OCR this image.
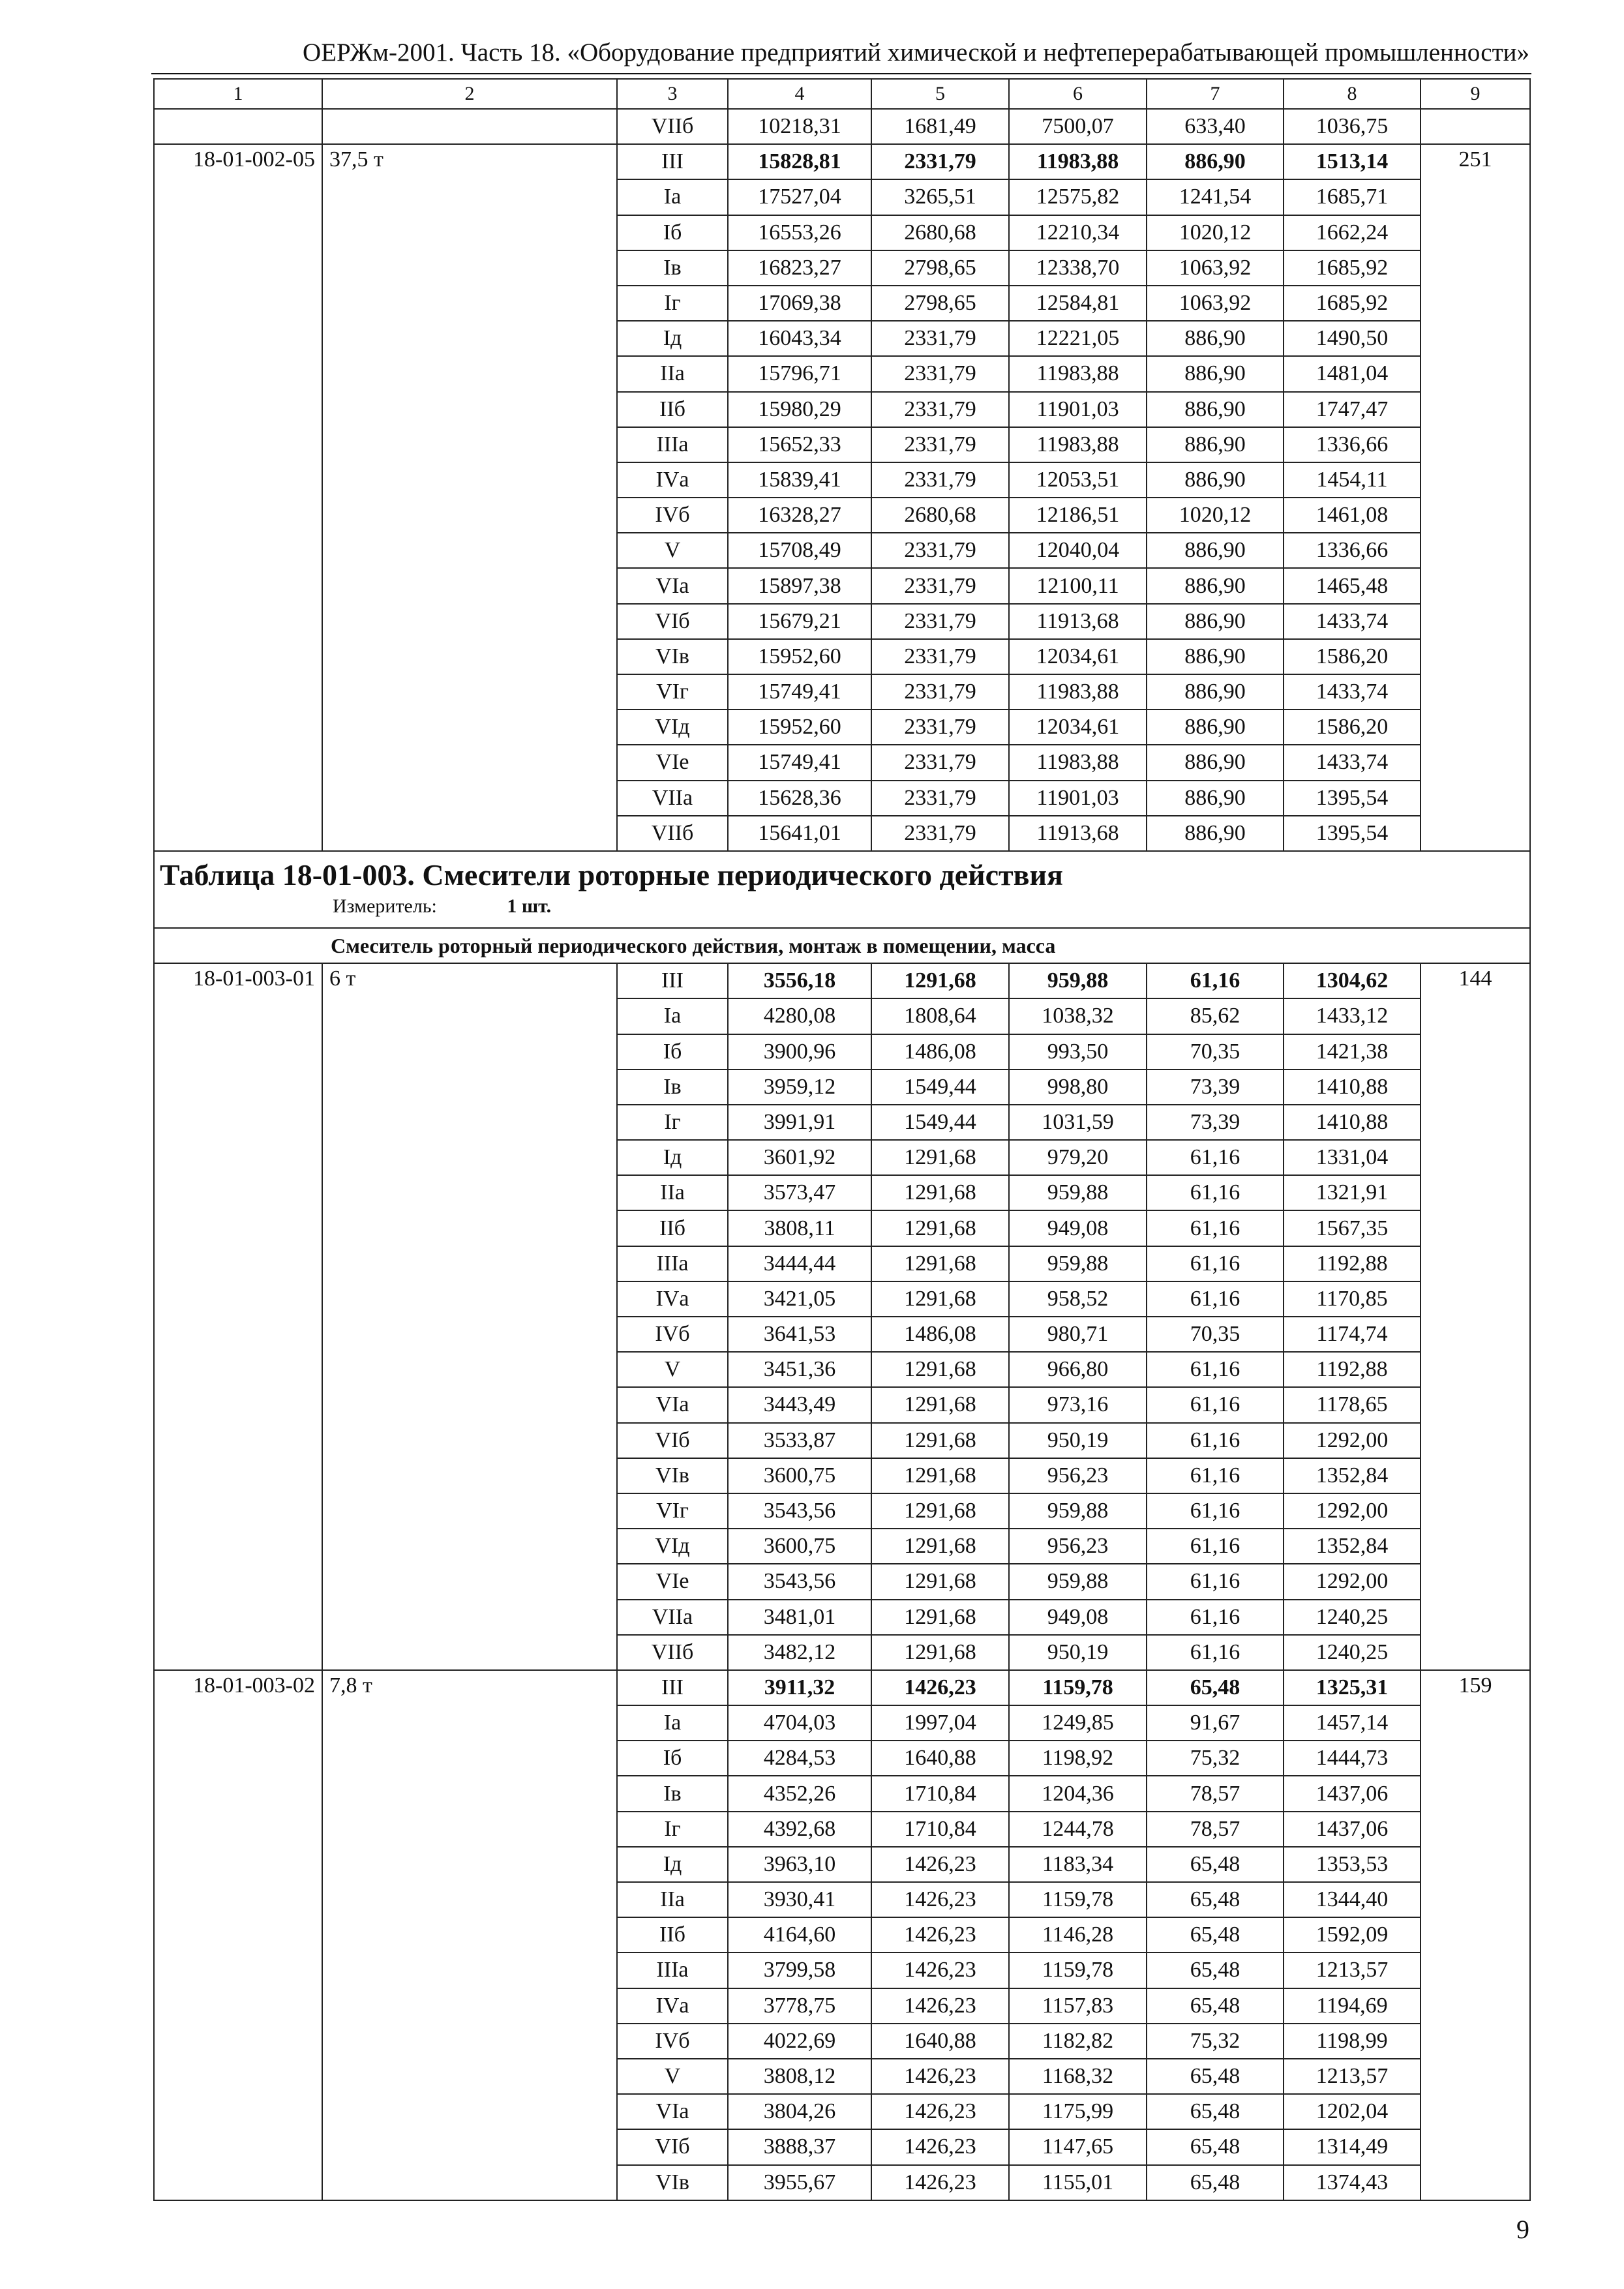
ОЕРЖм-2001. Часть 18. «Оборудование предприятий химической и нефтеперерабатывающей промышленности»
1	2	3	4	5	6	7	8	9
		VIIб	10218,31	1681,49	7500,07	633,40	1036,75	
18-01-002-05	37,5 т	III	15828,81	2331,79	11983,88	886,90	1513,14	251
		Iа	17527,04	3265,51	12575,82	1241,54	1685,71	
		Iб	16553,26	2680,68	12210,34	1020,12	1662,24	
		Iв	16823,27	2798,65	12338,70	1063,92	1685,92	
		Iг	17069,38	2798,65	12584,81	1063,92	1685,92	
		Iд	16043,34	2331,79	12221,05	886,90	1490,50	
		IIа	15796,71	2331,79	11983,88	886,90	1481,04	
		IIб	15980,29	2331,79	11901,03	886,90	1747,47	
		IIIа	15652,33	2331,79	11983,88	886,90	1336,66	
		IVа	15839,41	2331,79	12053,51	886,90	1454,11	
		IVб	16328,27	2680,68	12186,51	1020,12	1461,08	
		V	15708,49	2331,79	12040,04	886,90	1336,66	
		VIа	15897,38	2331,79	12100,11	886,90	1465,48	
		VIб	15679,21	2331,79	11913,68	886,90	1433,74	
		VIв	15952,60	2331,79	12034,61	886,90	1586,20	
		VIг	15749,41	2331,79	11983,88	886,90	1433,74	
		VIд	15952,60	2331,79	12034,61	886,90	1586,20	
		VIе	15749,41	2331,79	11983,88	886,90	1433,74	
		VIIа	15628,36	2331,79	11901,03	886,90	1395,54	
		VIIб	15641,01	2331,79	11913,68	886,90	1395,54	

Таблица 18-01-003. Смесители роторные периодического действия
Измеритель: 1 шт.								

Смеситель роторный периодического действия, монтаж в помещении, масса								
18-01-003-01	6 т	III	3556,18	1291,68	959,88	61,16	1304,62	144
		Iа	4280,08	1808,64	1038,32	85,62	1433,12	
		Iб	3900,96	1486,08	993,50	70,35	1421,38	
		Iв	3959,12	1549,44	998,80	73,39	1410,88	
		Iг	3991,91	1549,44	1031,59	73,39	1410,88	
		Iд	3601,92	1291,68	979,20	61,16	1331,04	
		IIа	3573,47	1291,68	959,88	61,16	1321,91	
		IIб	3808,11	1291,68	949,08	61,16	1567,35	
		IIIа	3444,44	1291,68	959,88	61,16	1192,88	
		IVа	3421,05	1291,68	958,52	61,16	1170,85	
		IVб	3641,53	1486,08	980,71	70,35	1174,74	
		V	3451,36	1291,68	966,80	61,16	1192,88	
		VIа	3443,49	1291,68	973,16	61,16	1178,65	
		VIб	3533,87	1291,68	950,19	61,16	1292,00	
		VIв	3600,75	1291,68	956,23	61,16	1352,84	
		VIг	3543,56	1291,68	959,88	61,16	1292,00	
		VIд	3600,75	1291,68	956,23	61,16	1352,84	
		VIе	3543,56	1291,68	959,88	61,16	1292,00	
		VIIа	3481,01	1291,68	949,08	61,16	1240,25	
		VIIб	3482,12	1291,68	950,19	61,16	1240,25	
18-01-003-02	7,8 т	III	3911,32	1426,23	1159,78	65,48	1325,31	159
		Iа	4704,03	1997,04	1249,85	91,67	1457,14	
		Iб	4284,53	1640,88	1198,92	75,32	1444,73	
		Iв	4352,26	1710,84	1204,36	78,57	1437,06	
		Iг	4392,68	1710,84	1244,78	78,57	1437,06	
		Iд	3963,10	1426,23	1183,34	65,48	1353,53	
		IIа	3930,41	1426,23	1159,78	65,48	1344,40	
		IIб	4164,60	1426,23	1146,28	65,48	1592,09	
		IIIа	3799,58	1426,23	1159,78	65,48	1213,57	
		IVа	3778,75	1426,23	1157,83	65,48	1194,69	
		IVб	4022,69	1640,88	1182,82	75,32	1198,99	
		V	3808,12	1426,23	1168,32	65,48	1213,57	
		VIа	3804,26	1426,23	1175,99	65,48	1202,04	
		VIб	3888,37	1426,23	1147,65	65,48	1314,49	
		VIв	3955,67	1426,23	1155,01	65,48	1374,43	
9
